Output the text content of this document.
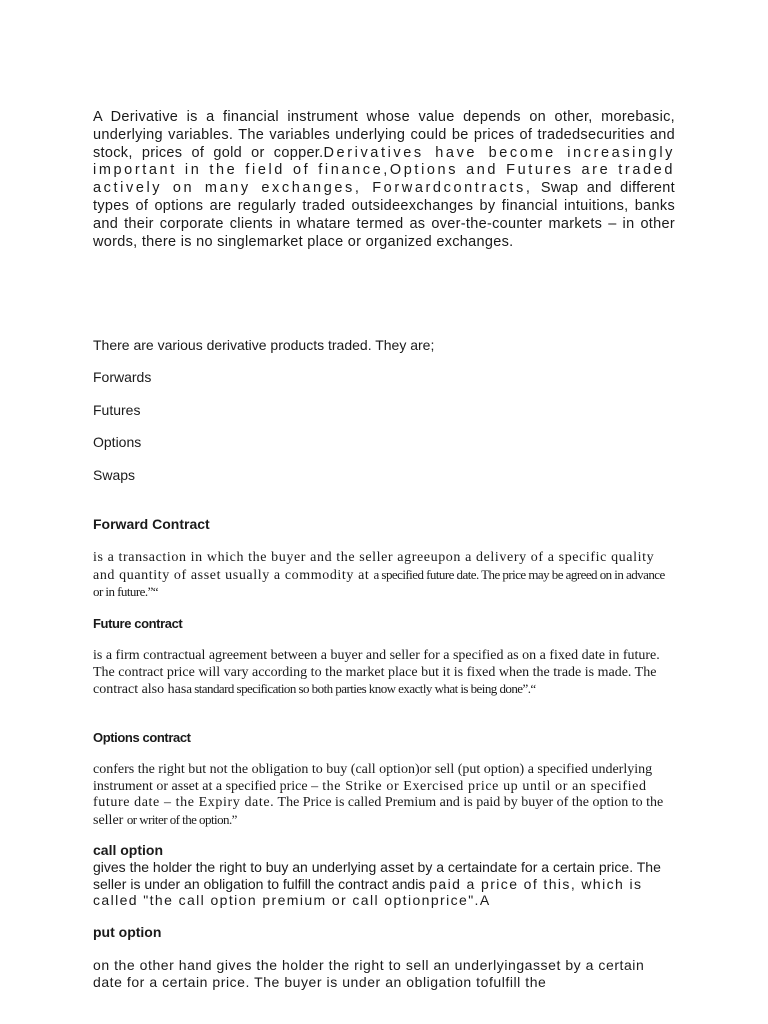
A Derivative is a financial instrument whose value depends on other, morebasic, underlying variables. The variables underlying could be prices of tradedsecurities and stock, prices of gold or copper.Derivatives have become increasingly important in the field of finance,Options and Futures are traded actively on many exchanges, Forwardcontracts, Swap and different types of options are regularly traded outsideexchanges by financial intuitions, banks and their corporate clients in whatare termed as over-the-counter markets – in other words, there is no singlemarket place or organized exchanges.

There are various derivative products traded. They are;

Forwards

Futures

Options

Swaps

Forward Contract

is a transaction in which the buyer and the seller agreeupon a delivery of a specific quality and quantity of asset usually a commodity at a specified future date. The price may be agreed on in advance or in future.”“

Future contract

is a firm contractual agreement between a buyer and seller for a specified as on a fixed date in future. The contract price will vary according to the market place but it is fixed when the trade is made. The contract also hasa standard specification so both parties know exactly what is being done”.“

Options contract

confers the right but not the obligation to buy (call option)or sell (put option) a specified underlying instrument or asset at a specified price – the Strike or Exercised price up until or an specified future date – the Expiry date. The Price is called Premium and is paid by buyer of the option to the seller or writer of the option.”

call option

gives the holder the right to buy an underlying asset by a certaindate for a certain price. The seller is under an obligation to fulfill the contract andis paid a price of this, which is called "the call option premium or call optionprice".A

put option

on the other hand gives the holder the right to sell an underlyingasset by a certain date for a certain price. The buyer is under an obligation tofulfill the
